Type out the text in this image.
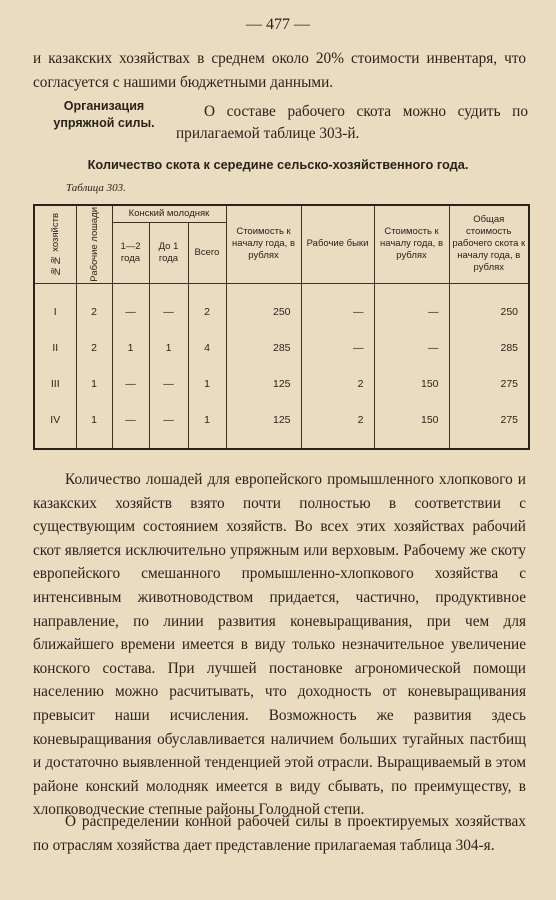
— 477 —

и казакских хозяйствах в среднем около 20% стоимости инвентаря, что согласуется с нашими бюджетными данными.

Организация упряжной силы.

О составе рабочего скота можно судить по прилагаемой таблице 303-й.

Количество скота к середине сельско-хозяйственного года.
Таблица 303.
№№ хозяйств	Рабочие лошади	Конский молодняк			Стоимость к началу года, в рублях	Рабочие быки	Стоимость к началу года, в рублях	Общая стоимость рабочего скота к началу года, в рублях
		1—2 года	До 1 года	Всего				

I	2	—	—	2	250	—	—	250
II	2	1	1	4	285	—	—	285
III	1	—	—	1	125	2	150	275
IV	1	—	—	1	125	2	150	275

Количество лошадей для европейского промышленного хлопкового и казакских хозяйств взято почти полностью в соответствии с существующим состоянием хозяйств. Во всех этих хозяйствах рабочий скот является исключительно упряжным или верховым. Рабочему же скоту европейского смешанного промышленно-хлопкового хозяйства с интенсивным животноводством придается, частично, продуктивное направление, по линии развития коневыращивания, при чем для ближайшего времени имеется в виду только незначительное увеличение конского состава. При лучшей постановке агрономической помощи населению можно расчитывать, что доходность от коневыращивания превысит наши исчисления. Возможность же развития здесь коневыращивания обуславливается наличием больших тугайных пастбищ и достаточно выявленной тенденцией этой отрасли. Выращиваемый в этом районе конский молодняк имеется в виду сбывать, по преимуществу, в хлопководческие степные районы Голодной степи.

О распределении конной рабочей силы в проектируемых хозяйствах по отраслям хозяйства дает представление прилагаемая таблица 304-я.
